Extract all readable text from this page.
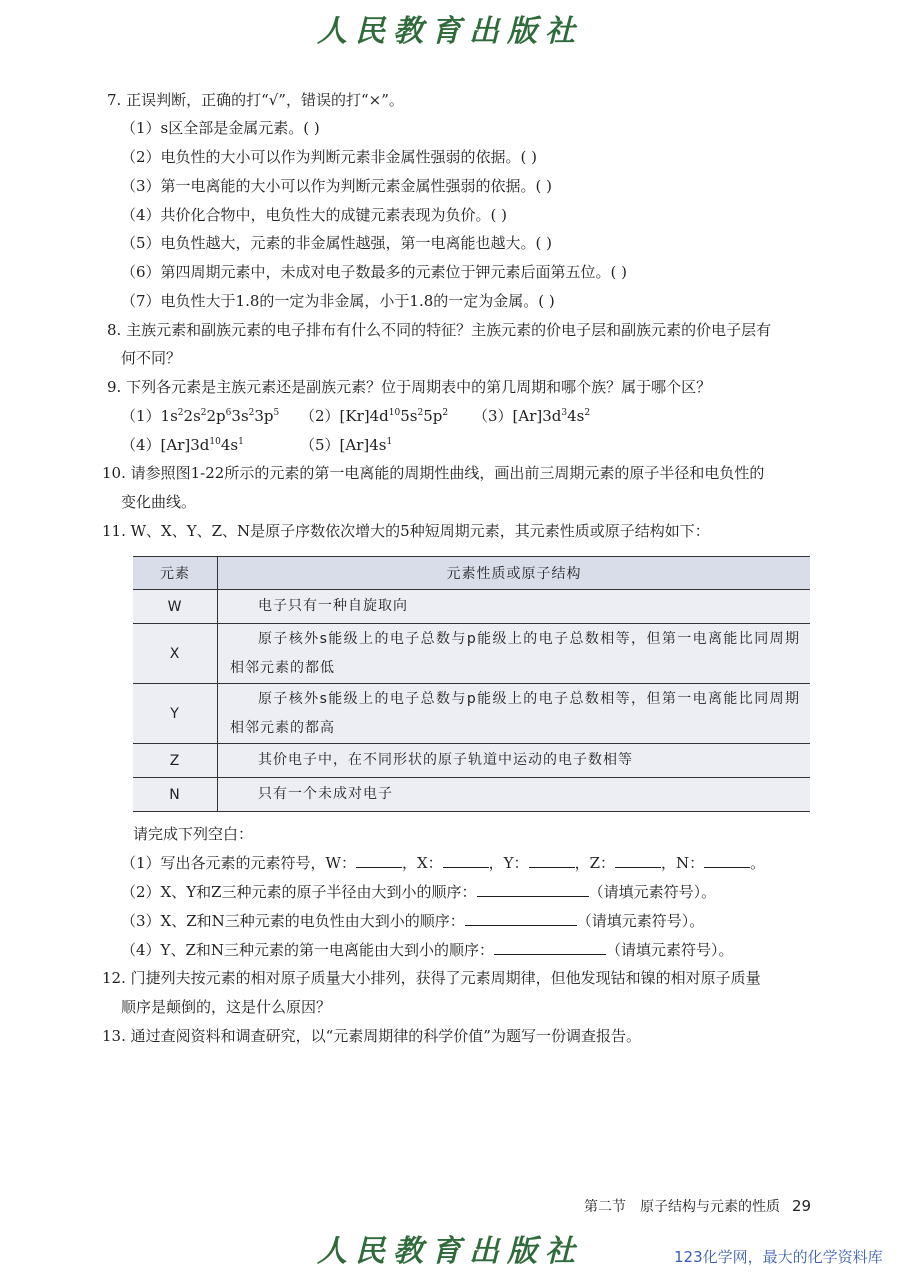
人民教育出版社
7. 正误判断，正确的打“√”，错误的打“×”。
（1）s区全部是金属元素。( )
（2）电负性的大小可以作为判断元素非金属性强弱的依据。( )
（3）第一电离能的大小可以作为判断元素金属性强弱的依据。( )
（4）共价化合物中，电负性大的成键元素表现为负价。( )
（5）电负性越大，元素的非金属性越强，第一电离能也越大。( )
（6）第四周期元素中，未成对电子数最多的元素位于钾元素后面第五位。( )
（7）电负性大于1.8的一定为非金属，小于1.8的一定为金属。( )
8. 主族元素和副族元素的电子排布有什么不同的特征？主族元素的价电子层和副族元素的价电子层有
何不同？
9. 下列各元素是主族元素还是副族元素？位于周期表中的第几周期和哪个族？属于哪个区？
$(1)1s^22s^22p^63s^23p^5$ $(2)[Kr]4d^{10}5s^25p^2$ $(3)[Ar]3d^34s^2$
$(4)[Ar]3d^{10}4s^1$	$(5)[Ar]4s^1$
10. 请参照图1-22所示的元素的第一电离能的周期性曲线，画出前三周期元素的原子半径和电负性的
变化曲线。
11. W、X、Y、Z、N是原子序数依次增大的5种短周期元素，其元素性质或原子结构如下：
元素	元素性质或原子结构
W	电子只有一种自旋取向
X	原子核外s能级上的电子总数与p能级上的电子总数相等，但第一电离能比同周期相邻元素的都低
Y	原子核外s能级上的电子总数与p能级上的电子总数相等，但第一电离能比同周期相邻元素的都高
Z	其价电子中，在不同形状的原子轨道中运动的电子数相等
N	只有一个未成对电子
请完成下列空白：
（1）写出各元素的元素符号，W：	，X：	，Y：	，Z：	，N：	。
（2）X、Y和Z三种元素的原子半径由大到小的顺序：	（请填元素符号）。
（3）X、Z和N三种元素的电负性由大到小的顺序：	（请填元素符号）。
（4）Y、Z和N三种元素的第一电离能由大到小的顺序：	（请填元素符号）。
12. 门捷列夫按元素的相对原子质量大小排列，获得了元素周期律，但他发现钴和镍的相对原子质量
顺序是颠倒的，这是什么原因？
13. 通过查阅资料和调查研究，以“元素周期律的科学价值”为题写一份调查报告。
第二节　原子结构与元素的性质 29
人民教育出版社	123化学网，最大的化学资料库
